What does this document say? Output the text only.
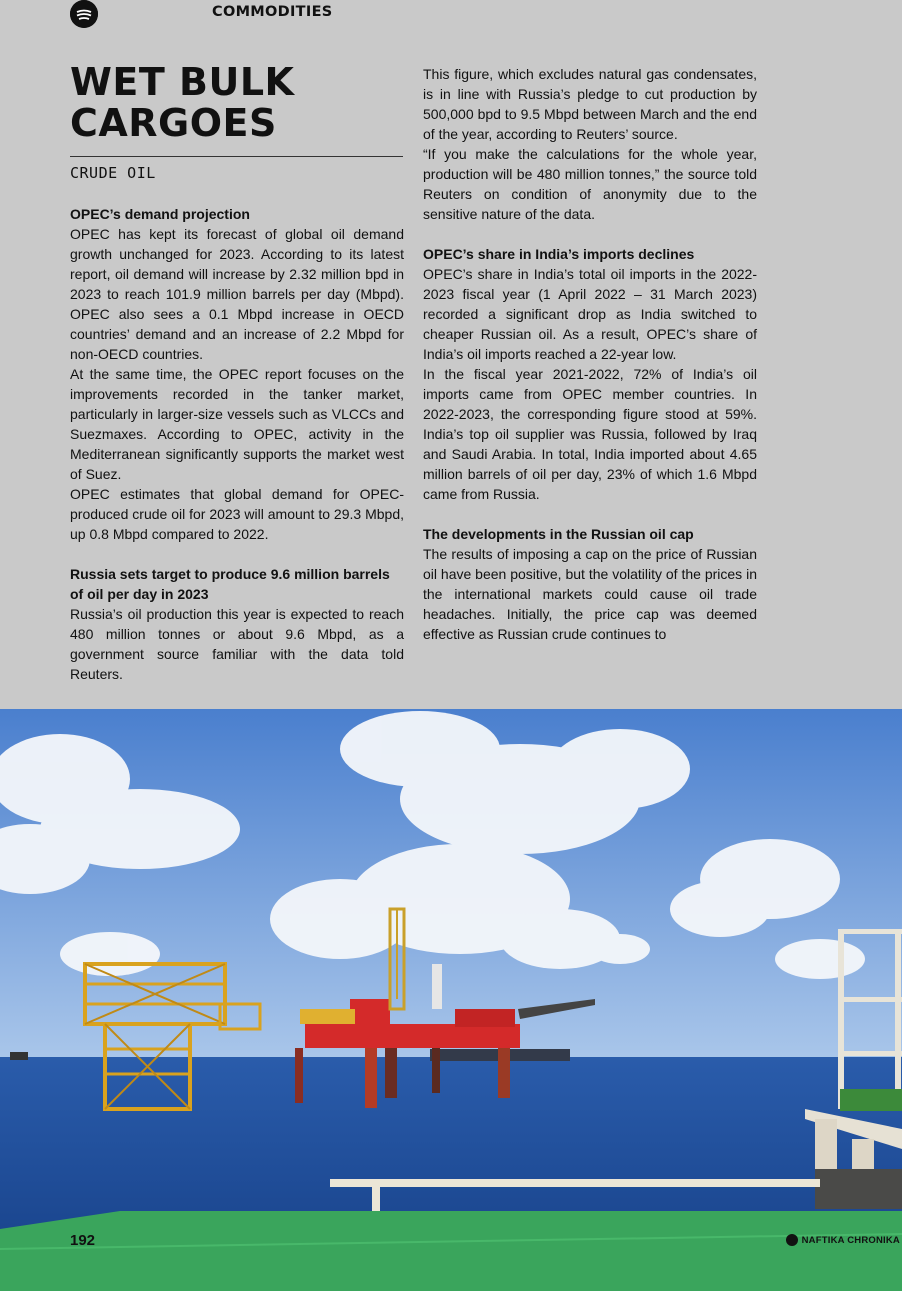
COMMODITIES
WET BULK
CARGOES
CRUDE OIL
OPEC’s demand projection

OPEC has kept its forecast of global oil demand growth unchanged for 2023. According to its latest report, oil demand will increase by 2.32 million bpd in 2023 to reach 101.9 million barrels per day (Mbpd). OPEC also sees a 0.1 Mbpd increase in OECD countries’ demand and an increase of 2.2 Mbpd for non-OECD countries.

At the same time, the OPEC report focuses on the improvements recorded in the tanker market, particularly in larger-size vessels such as VLCCs and Suezmaxes. According to OPEC, activity in the Mediterranean significantly supports the market west of Suez.

OPEC estimates that global demand for OPEC-produced crude oil for 2023 will amount to 29.3 Mbpd, up 0.8 Mbpd compared to 2022.

Russia sets target to produce 9.6 million barrels of oil per day in 2023

Russia’s oil production this year is expected to reach 480 million tonnes or about 9.6 Mbpd, as a government source familiar with the data told Reuters.

This figure, which excludes natural gas condensates, is in line with Russia’s pledge to cut production by 500,000 bpd to 9.5 Mbpd between March and the end of the year, according to Reuters’ source.

“If you make the calculations for the whole year, production will be 480 million tonnes,” the source told Reuters on condition of anonymity due to the sensitive nature of the data.

OPEC’s share in India’s imports declines

OPEC’s share in India’s total oil imports in the 2022-2023 fiscal year (1 April 2022 – 31 March 2023) recorded a significant drop as India switched to cheaper Russian oil. As a result, OPEC’s share of India’s oil imports reached a 22-year low.

In the fiscal year 2021-2022, 72% of India’s oil imports came from OPEC member countries. In 2022-2023, the corresponding figure stood at 59%. India’s top oil supplier was Russia, followed by Iraq and Saudi Arabia. In total, India imported about 4.65 million barrels of oil per day, 23% of which 1.6 Mbpd came from Russia.

The developments in the Russian oil cap

The results of imposing a cap on the price of Russian oil have been positive, but the volatility of the prices in the international markets could cause oil trade headaches. Initially, the price cap was deemed effective as Russian crude continues to

192	NAFTIKA CHRONIKA
